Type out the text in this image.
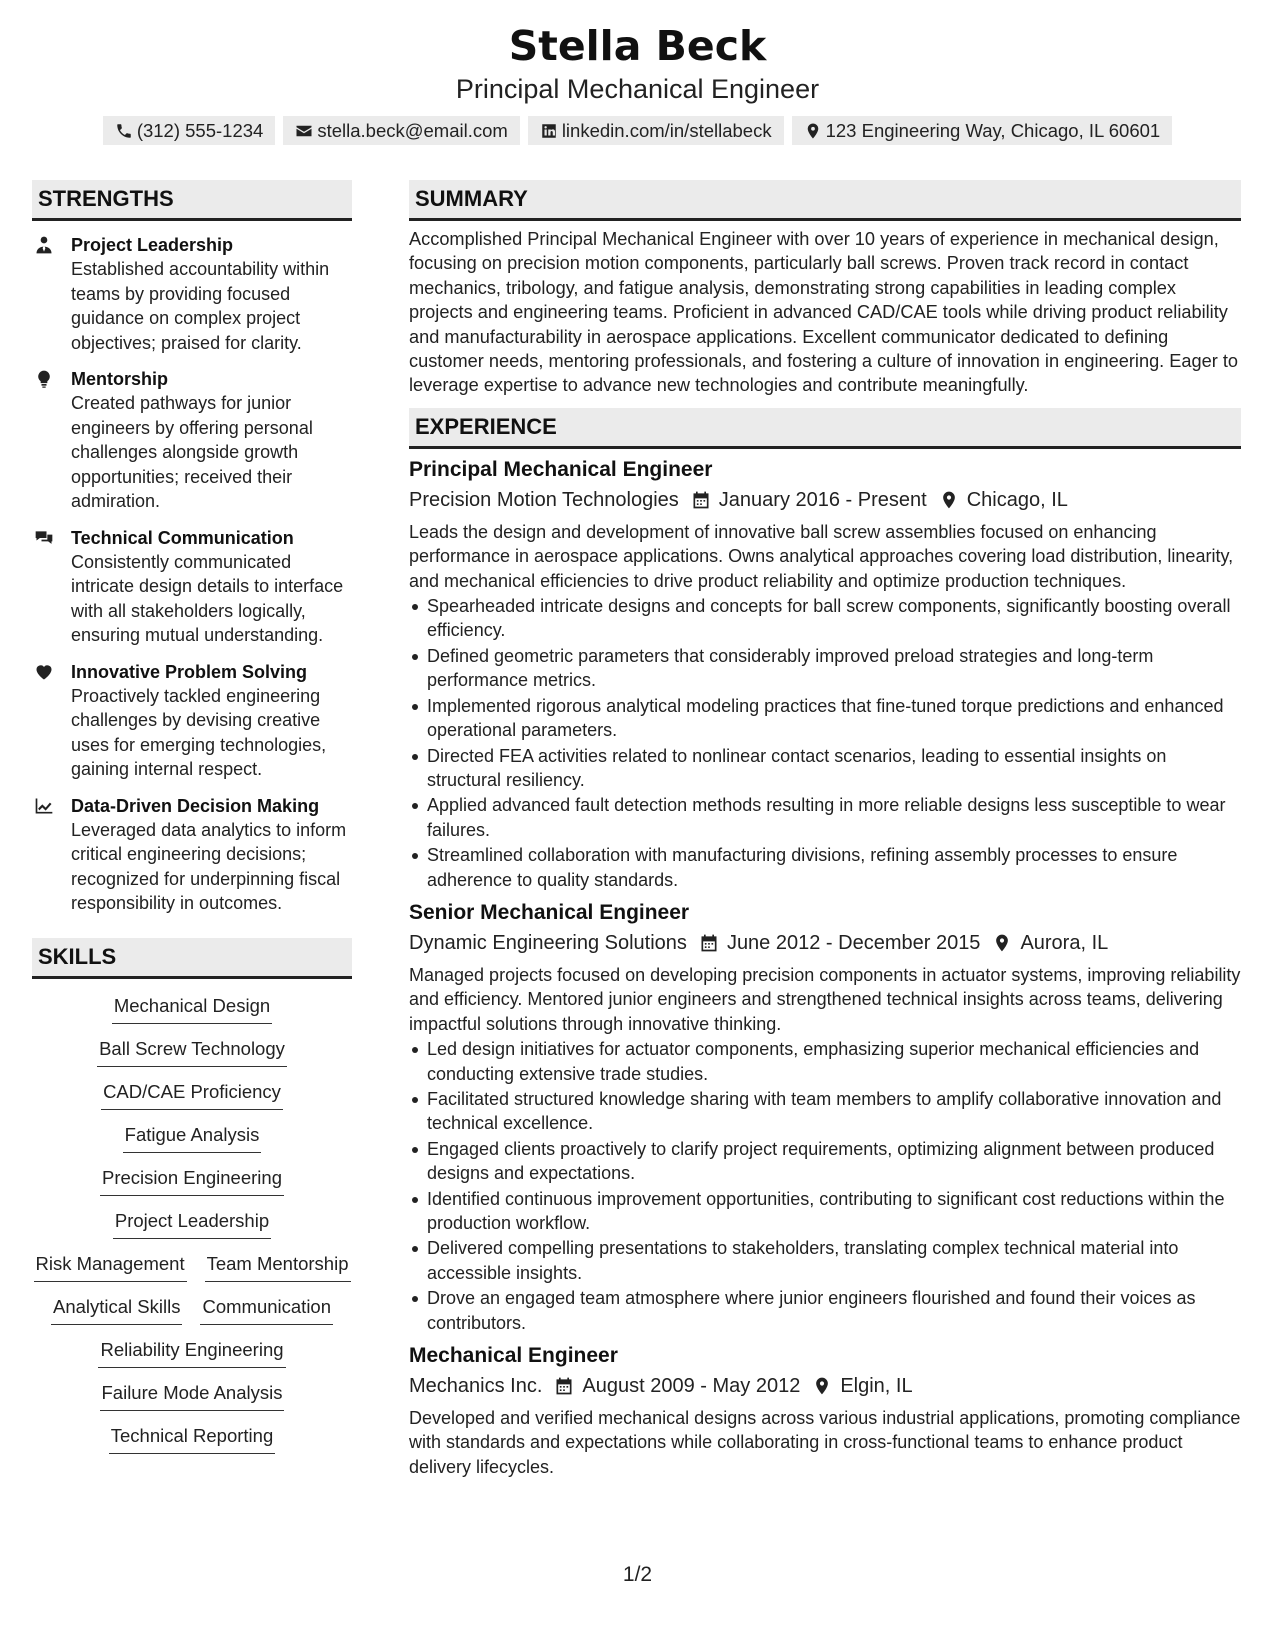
Stella Beck
Principal Mechanical Engineer
(312) 555-1234	stella.beck@email.com	linkedin.com/in/stellabeck	123 Engineering Way, Chicago, IL 60601
STRENGTHS
Project Leadership
Established accountability within teams by providing focused guidance on complex project objectives; praised for clarity.
Mentorship
Created pathways for junior engineers by offering personal challenges alongside growth opportunities; received their admiration.
Technical Communication
Consistently communicated intricate design details to interface with all stakeholders logically, ensuring mutual understanding.
Innovative Problem Solving
Proactively tackled engineering challenges by devising creative uses for emerging technologies, gaining internal respect.
Data-Driven Decision Making
Leveraged data analytics to inform critical engineering decisions; recognized for underpinning fiscal responsibility in outcomes.
SKILLS
Mechanical Design
Ball Screw Technology
CAD/CAE Proficiency
Fatigue Analysis
Precision Engineering
Project Leadership
Risk Management Team Mentorship
Analytical Skills Communication
Reliability Engineering
Failure Mode Analysis
Technical Reporting
SUMMARY
Accomplished Principal Mechanical Engineer with over 10 years of experience in mechanical design, focusing on precision motion components, particularly ball screws. Proven track record in contact mechanics, tribology, and fatigue analysis, demonstrating strong capabilities in leading complex projects and engineering teams. Proficient in advanced CAD/CAE tools while driving product reliability and manufacturability in aerospace applications. Excellent communicator dedicated to defining customer needs, mentoring professionals, and fostering a culture of innovation in engineering. Eager to leverage expertise to advance new technologies and contribute meaningfully.
EXPERIENCE
Principal Mechanical Engineer
Precision Motion Technologies January 2016 - Present Chicago, IL
Leads the design and development of innovative ball screw assemblies focused on enhancing performance in aerospace applications. Owns analytical approaches covering load distribution, linearity, and mechanical efficiencies to drive product reliability and optimize production techniques.
Spearheaded intricate designs and concepts for ball screw components, significantly boosting overall efficiency.
Defined geometric parameters that considerably improved preload strategies and long-term performance metrics.
Implemented rigorous analytical modeling practices that fine-tuned torque predictions and enhanced operational parameters.
Directed FEA activities related to nonlinear contact scenarios, leading to essential insights on structural resiliency.
Applied advanced fault detection methods resulting in more reliable designs less susceptible to wear failures.
Streamlined collaboration with manufacturing divisions, refining assembly processes to ensure adherence to quality standards.
Senior Mechanical Engineer
Dynamic Engineering Solutions June 2012 - December 2015 Aurora, IL
Managed projects focused on developing precision components in actuator systems, improving reliability and efficiency. Mentored junior engineers and strengthened technical insights across teams, delivering impactful solutions through innovative thinking.
Led design initiatives for actuator components, emphasizing superior mechanical efficiencies and conducting extensive trade studies.
Facilitated structured knowledge sharing with team members to amplify collaborative innovation and technical excellence.
Engaged clients proactively to clarify project requirements, optimizing alignment between produced designs and expectations.
Identified continuous improvement opportunities, contributing to significant cost reductions within the production workflow.
Delivered compelling presentations to stakeholders, translating complex technical material into accessible insights.
Drove an engaged team atmosphere where junior engineers flourished and found their voices as contributors.
Mechanical Engineer
Mechanics Inc. August 2009 - May 2012 Elgin, IL
Developed and verified mechanical designs across various industrial applications, promoting compliance with standards and expectations while collaborating in cross-functional teams to enhance product delivery lifecycles.
1/2
